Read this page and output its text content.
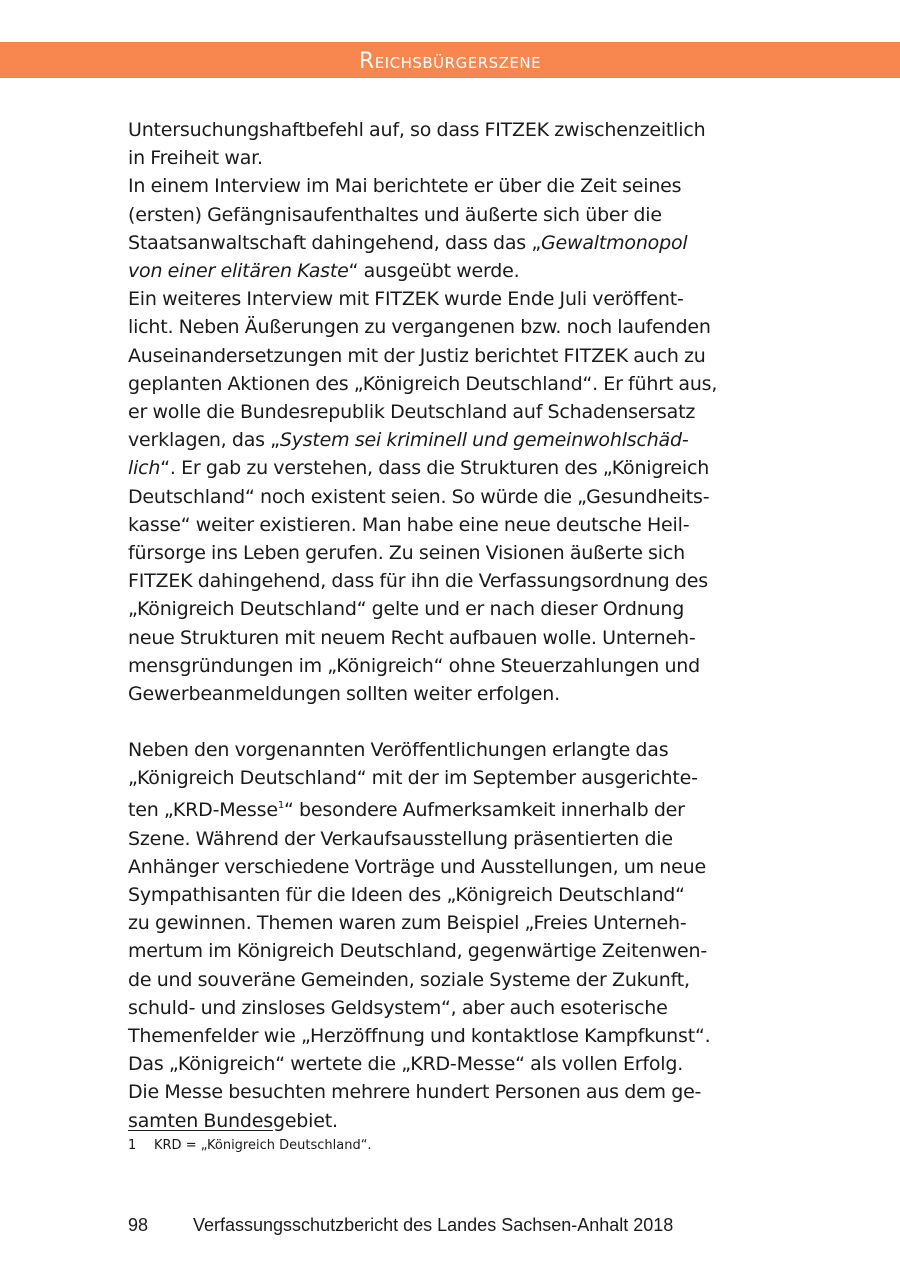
Reichsbürgerszene
Untersuchungshaftbefehl auf, so dass FITZEK zwischenzeitlich
in Freiheit war.
In einem Interview im Mai berichtete er über die Zeit seines
(ersten) Gefängnisaufenthaltes und äußerte sich über die
Staatsanwaltschaft dahingehend, dass das „Gewaltmonopol
von einer elitären Kaste“ ausgeübt werde.
Ein weiteres Interview mit FITZEK wurde Ende Juli veröffent-
licht. Neben Äußerungen zu vergangenen bzw. noch laufenden
Auseinandersetzungen mit der Justiz berichtet FITZEK auch zu
geplanten Aktionen des „Königreich Deutschland“. Er führt aus,
er wolle die Bundesrepublik Deutschland auf Schadensersatz
verklagen, das „System sei kriminell und gemeinwohlschäd-
lich“. Er gab zu verstehen, dass die Strukturen des „Königreich
Deutschland“ noch existent seien. So würde die „Gesundheits-
kasse“ weiter existieren. Man habe eine neue deutsche Heil-
fürsorge ins Leben gerufen. Zu seinen Visionen äußerte sich
FITZEK dahingehend, dass für ihn die Verfassungsordnung des
„Königreich Deutschland“ gelte und er nach dieser Ordnung
neue Strukturen mit neuem Recht aufbauen wolle. Unterneh-
mensgründungen im „Königreich“ ohne Steuerzahlungen und
Gewerbeanmeldungen sollten weiter erfolgen.
Neben den vorgenannten Veröffentlichungen erlangte das
„Königreich Deutschland“ mit der im September ausgerichte-
ten „KRD-Messe$^1$“ besondere Aufmerksamkeit innerhalb der
Szene. Während der Verkaufsausstellung präsentierten die
Anhänger verschiedene Vorträge und Ausstellungen, um neue
Sympathisanten für die Ideen des „Königreich Deutschland“
zu gewinnen. Themen waren zum Beispiel „Freies Unterneh-
mertum im Königreich Deutschland, gegenwärtige Zeitenwen-
de und souveräne Gemeinden, soziale Systeme der Zukunft,
schuld- und zinsloses Geldsystem“, aber auch esoterische
Themenfelder wie „Herzöffnung und kontaktlose Kampfkunst“.
Das „Königreich“ wertete die „KRD-Messe“ als vollen Erfolg.
Die Messe besuchten mehrere hundert Personen aus dem ge-
samten Bundesgebiet.
1 KRD = „Königreich Deutschland“.
98 Verfassungsschutzbericht des Landes Sachsen-Anhalt 2018
